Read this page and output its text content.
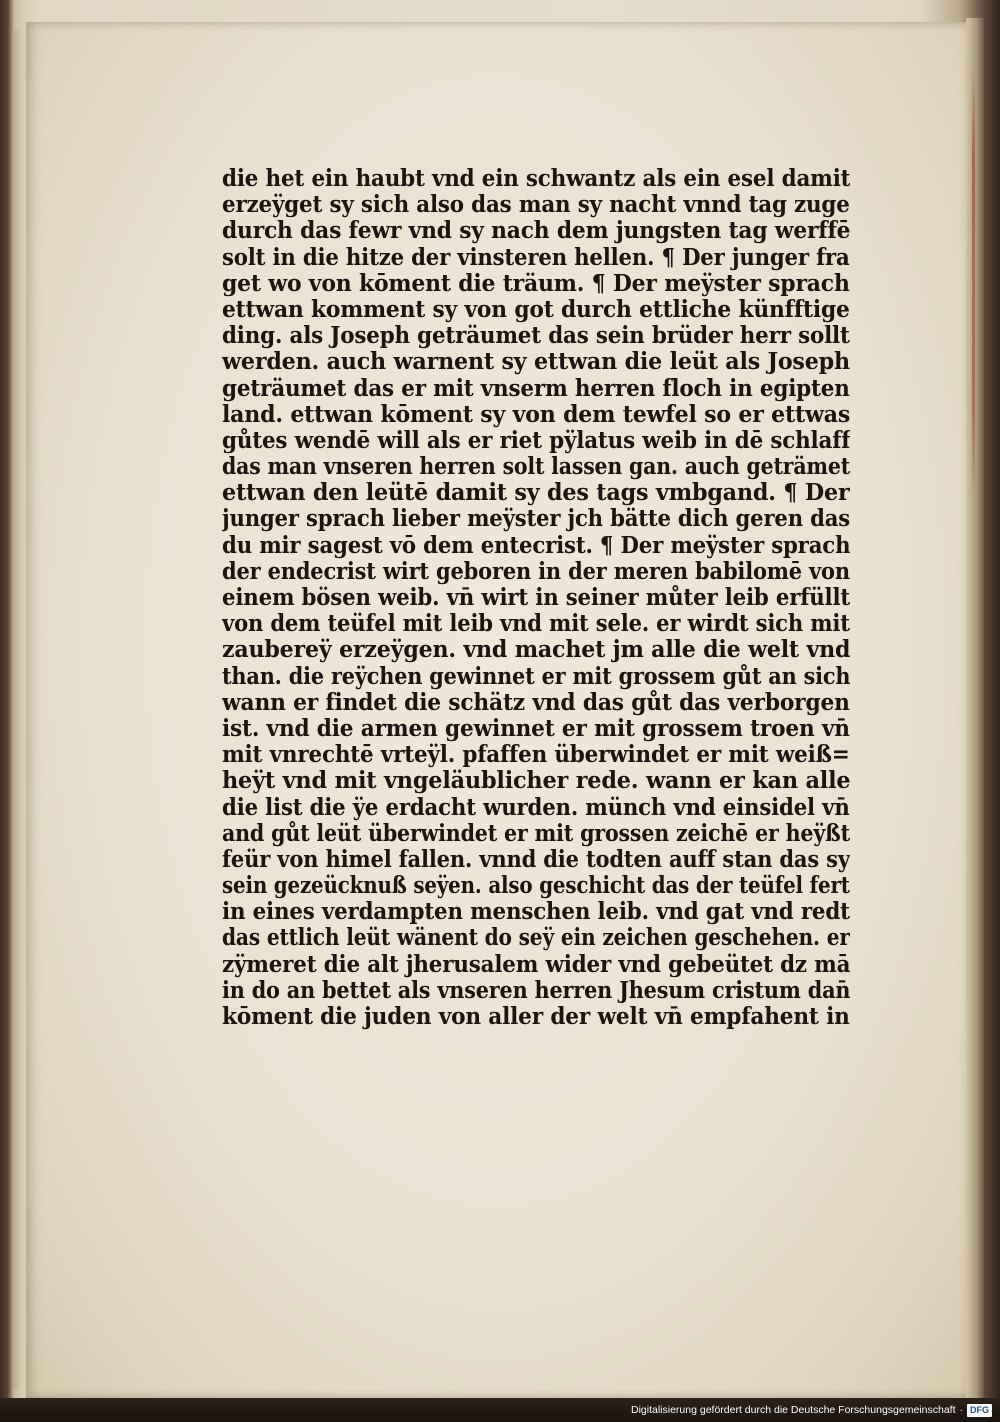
die het ein haubt vnd ein schwantz als ein esel damit
erzeÿget sy sich also das man sy nacht vnnd tag zuge
durch das fewr vnd sy nach dem jungsten tag werffē
solt in die hitze der vinsteren hellen. ¶ Der junger fra
get wo von kōment die träum. ¶ Der meÿster sprach
ettwan komment sy von got durch ettliche künfftige
ding. als Joseph geträumet das sein brüder herr sollt
werden. auch warnent sy ettwan die leüt als Joseph
geträumet das er mit vnserm herren floch in egipten
land. ettwan kōment sy von dem tewfel so er ettwas
gůtes wendē will als er riet pÿlatus weib in dē schlaff
das man vnseren herren solt lassen gan. auch geträmet
ettwan den leütē damit sy des tags vmbgand. ¶ Der
junger sprach lieber meÿster jch bätte dich geren das
du mir sagest vō dem entecrist. ¶ Der meÿster sprach
der endecrist wirt geboren in der meren babilomē von
einem bösen weib. vn̄ wirt in seiner můter leib erfüllt
von dem teüfel mit leib vnd mit sele. er wirdt sich mit
zaubereÿ erzeÿgen. vnd machet jm alle die welt vnd
than. die reÿchen gewinnet er mit grossem gůt an sich
wann er findet die schätz vnd das gůt das verborgen
ist. vnd die armen gewinnet er mit grossem troen vn̄
mit vnrechtē vrteÿl. pfaffen überwindet er mit weiß=
heÿt vnd mit vngeläublicher rede. wann er kan alle
die list die ÿe erdacht wurden. münch vnd einsidel vn̄
and gůt leüt überwindet er mit grossen zeichē er heÿßt
feür von himel fallen. vnnd die todten auff stan das sy
sein gezeücknuß seÿen. also geschicht das der teüfel fert
in eines verdampten menschen leib. vnd gat vnd redt
das ettlich leüt wänent do seÿ ein zeichen geschehen. er
zÿmeret die alt jherusalem wider vnd gebeütet dz mā
in do an bettet als vnseren herren Jhesum cristum dan̄
kōment die juden von aller der welt vn̄ empfahent in
Digitalisierung gefördert durch die Deutsche Forschungsgemeinschaft · DFG
